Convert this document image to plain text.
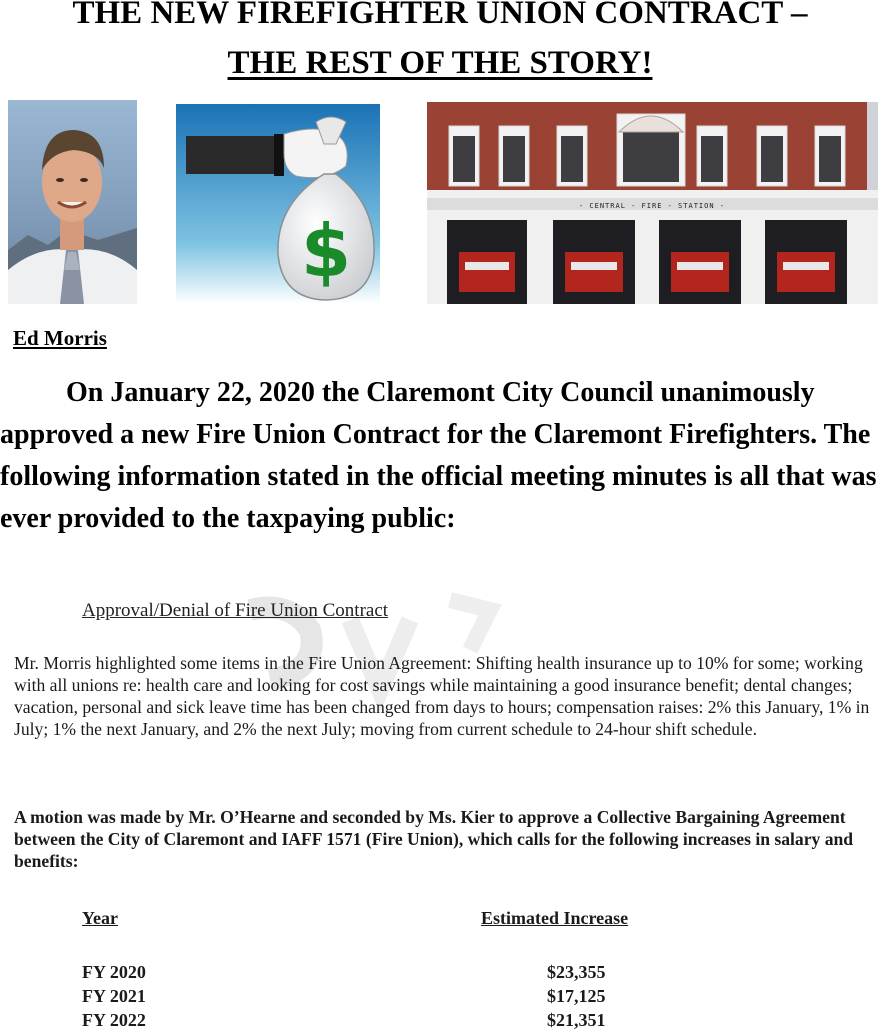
THE NEW FIREFIGHTER UNION CONTRACT –
THE REST OF THE STORY!
$
- CENTRAL - FIRE - STATION -

Ed Morris

On January 22, 2020 the Claremont City Council unanimously approved a new Fire Union Contract for the Claremont Firefighters. The following information stated in the official meeting minutes is all that was ever provided to the taxpaying public:

Approval/Denial of Fire Union Contract

Mr. Morris highlighted some items in the Fire Union Agreement: Shifting health insurance up to 10% for some; working with all unions re: health care and looking for cost savings while maintaining a good insurance benefit; dental changes; vacation, personal and sick leave time has been changed from days to hours; compensation raises: 2% this January, 1% in July; 1% the next January, and 2% the next July; moving from current schedule to 24-hour shift schedule.

A motion was made by Mr. O’Hearne and seconded by Ms. Kier to approve a Collective Bargaining Agreement between the City of Claremont and IAFF 1571 (Fire Union), which calls for the following increases in salary and benefits:

Year	Estimated Increase

FY 2020	$23,355
FY 2021	$17,125
FY 2022	$21,351
